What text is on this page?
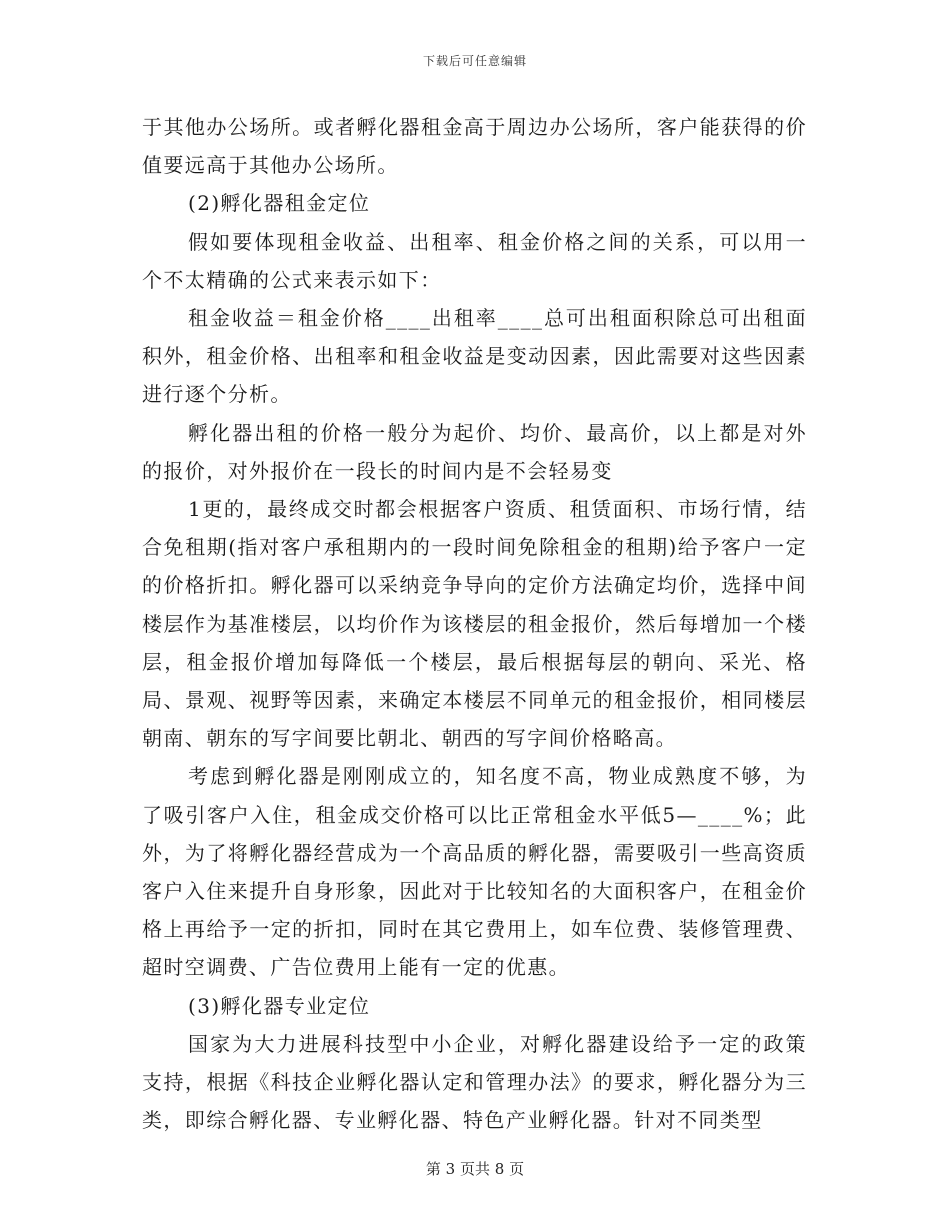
下载后可任意编辑

于其他办公场所。或者孵化器租金高于周边办公场所，客户能获得的价值要远高于其他办公场所。

(2)孵化器租金定位

假如要体现租金收益、出租率、租金价格之间的关系，可以用一个不太精确的公式来表示如下：

租金收益＝租金价格____出租率____总可出租面积除总可出租面积外，租金价格、出租率和租金收益是变动因素，因此需要对这些因素进行逐个分析。

孵化器出租的价格一般分为起价、均价、最高价，以上都是对外的报价，对外报价在一段长的时间内是不会轻易变

1更的，最终成交时都会根据客户资质、租赁面积、市场行情，结合免租期(指对客户承租期内的一段时间免除租金的租期)给予客户一定的价格折扣。孵化器可以采纳竞争导向的定价方法确定均价，选择中间楼层作为基准楼层，以均价作为该楼层的租金报价，然后每增加一个楼层，租金报价增加每降低一个楼层，最后根据每层的朝向、采光、格局、景观、视野等因素，来确定本楼层不同单元的租金报价，相同楼层朝南、朝东的写字间要比朝北、朝西的写字间价格略高。

考虑到孵化器是刚刚成立的，知名度不高，物业成熟度不够，为了吸引客户入住，租金成交价格可以比正常租金水平低5—____%；此外，为了将孵化器经营成为一个高品质的孵化器，需要吸引一些高资质客户入住来提升自身形象，因此对于比较知名的大面积客户，在租金价格上再给予一定的折扣，同时在其它费用上，如车位费、装修管理费、超时空调费、广告位费用上能有一定的优惠。

(3)孵化器专业定位

国家为大力进展科技型中小企业，对孵化器建设给予一定的政策支持，根据《科技企业孵化器认定和管理办法》的要求，孵化器分为三类，即综合孵化器、专业孵化器、特色产业孵化器。针对不同类型

第 3 页共 8 页
